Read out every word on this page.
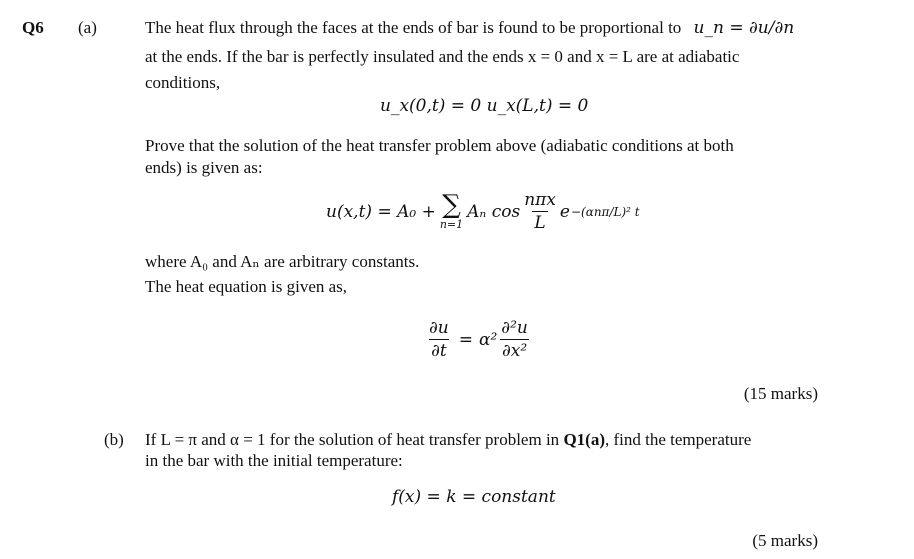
Q6 (a)	The heat flux through the faces at the ends of bar is found to be proportional to u_n = ∂u/∂n
at the ends. If the bar is perfectly insulated and the ends x = 0 and x = L are at adiabatic
conditions,
u_x(0,t) = 0 u_x(L,t) = 0
Prove that the solution of the heat transfer problem above (adiabatic conditions at both
ends) is given as:
u(x,t) = A₀ + ∑
n=1
Aₙ $\cos \frac{\text{nπx}}{L}$ e −(αnπ/L)² t
where A₀ and Aₙ are arbitrary constants.
The heat equation is given as,
$\frac{\partial u}{\partial t} = \alpha^2 \frac{\text{∂²u}}{\text{∂x²}}$
(15 marks)
(b) If L = π and α = 1 for the solution of heat transfer problem in Q1(a), find the temperature
in the bar with the initial temperature:
f(x) = k = constant
(5 marks)
